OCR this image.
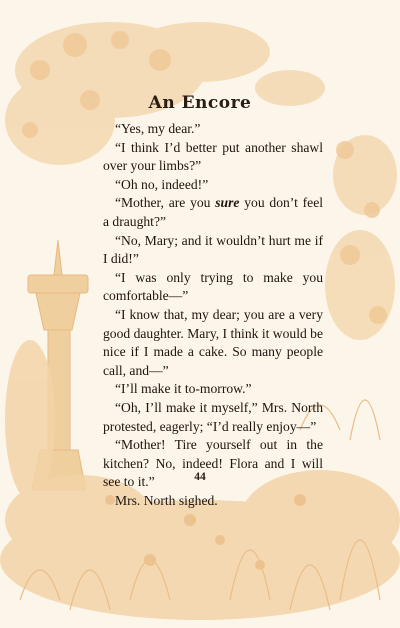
An Encore

“Yes, my dear.”

“I think I’d better put another shawl over your limbs?”

“Oh no, indeed!”

“Mother, are you sure you don’t feel a draught?”

“No, Mary; and it wouldn’t hurt me if I did!”

“I was only trying to make you comfortable—”

“I know that, my dear; you are a very good daughter. Mary, I think it would be nice if I made a cake. So many people call, and—”

“I’ll make it to-morrow.”

“Oh, I’ll make it myself,” Mrs. North protested, eagerly; “I’d really enjoy—”

“Mother! Tire yourself out in the kitchen? No, indeed! Flora and I will see to it.”

Mrs. North sighed.

44
